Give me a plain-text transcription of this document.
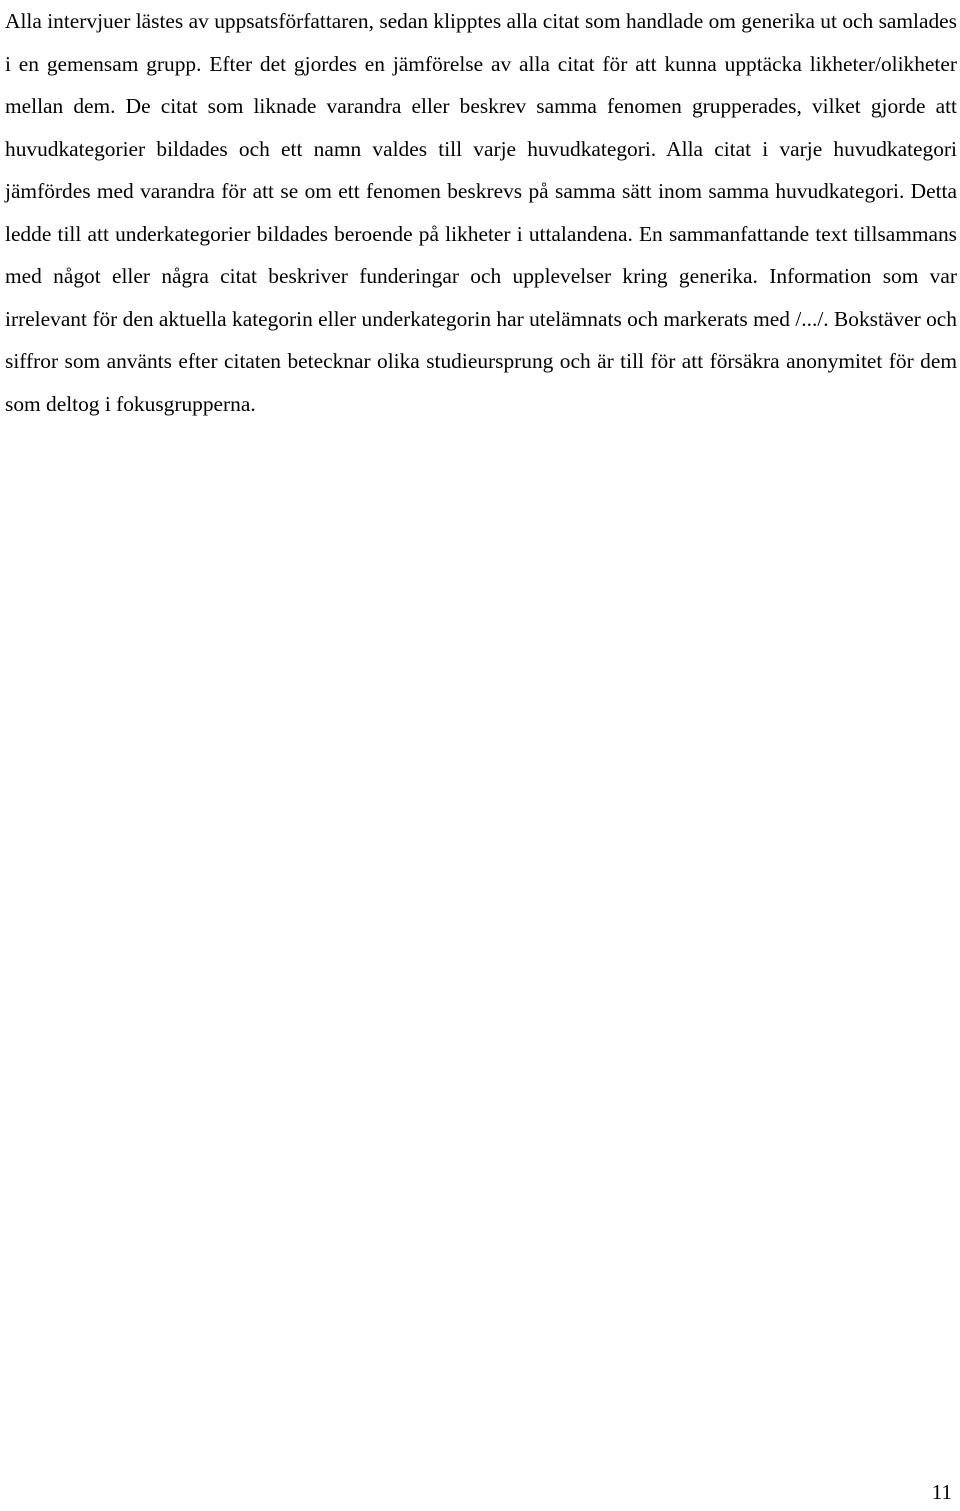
Alla intervjuer lästes av uppsatsförfattaren, sedan klipptes alla citat som handlade om generika ut och samlades i en gemensam grupp. Efter det gjordes en jämförelse av alla citat för att kunna upptäcka likheter/olikheter mellan dem. De citat som liknade varandra eller beskrev samma fenomen grupperades, vilket gjorde att huvudkategorier bildades och ett namn valdes till varje huvudkategori. Alla citat i varje huvudkategori jämfördes med varandra för att se om ett fenomen beskrevs på samma sätt inom samma huvudkategori. Detta ledde till att underkategorier bildades beroende på likheter i uttalandena. En sammanfattande text tillsammans med något eller några citat beskriver funderingar och upplevelser kring generika. Information som var irrelevant för den aktuella kategorin eller underkategorin har utelämnats och markerats med /.../. Bokstäver och siffror som använts efter citaten betecknar olika studieursprung och är till för att försäkra anonymitet för dem som deltog i fokusgrupperna.

11
